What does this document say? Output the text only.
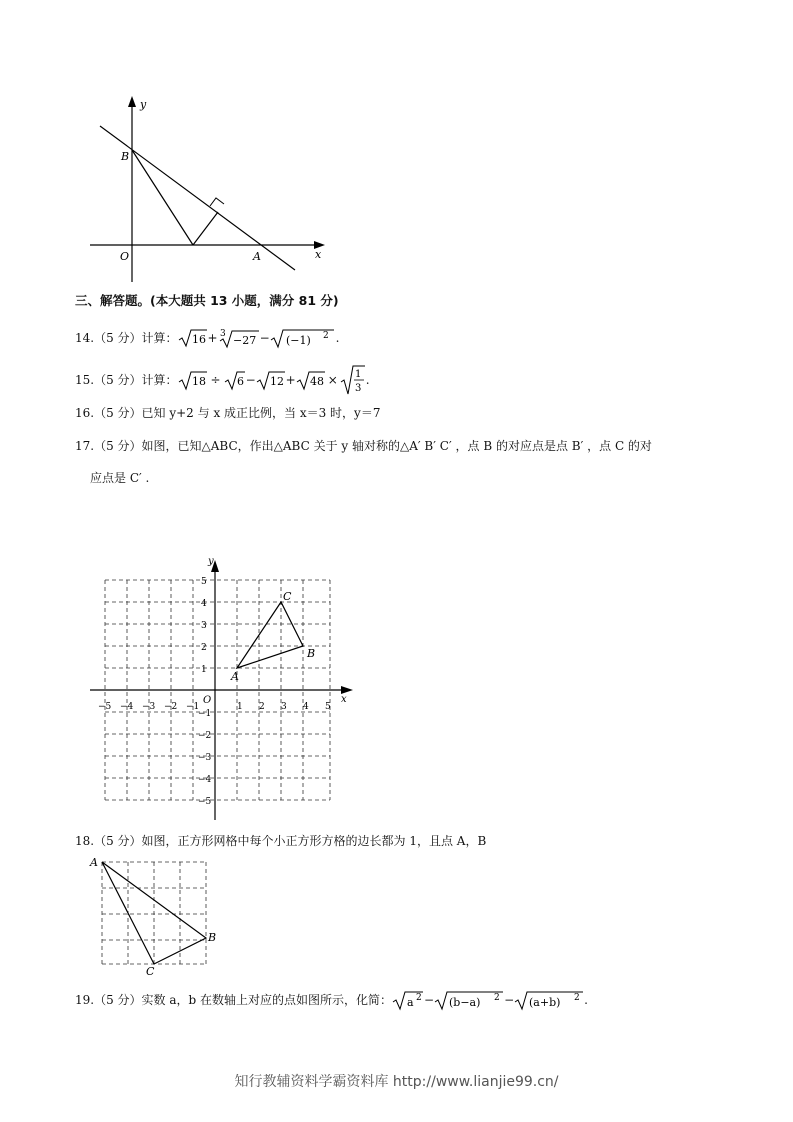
y
x
O
B
A
三、解答题。(本大题共 13 小题，满分 81 分)
14.（5 分）计算： 16 + 3 −27 − (−1) 2 .
15.（5 分）计算： 18 ÷ 6 − 12 + 48 × 1
3
.
16.（5 分）已知 y+2 与 x 成正比例，当 x＝3 时，y＝7
17.（5 分）如图，已知△ABC，作出△ABC 关于 y 轴对称的△A′ B′ C′ ，点 B 的对应点是点 B′ ，点 C 的对
应点是 C′ .
x
y
O
−5 −4 −3 −2 −1	1 2 3 4 5
5
4
3
2
1
−1
−2
−3
−4
−5
A
B
C
18.（5 分）如图，正方形网格中每个小正方形方格的边长都为 1，且点 A，B
A
B
C
19.（5 分）实数 a，b 在数轴上对应的点如图所示，化简： a 2 − (b−a) 2 − (a+b) 2 .
知行教辅资料学霸资料库 http://www.lianjie99.cn/
